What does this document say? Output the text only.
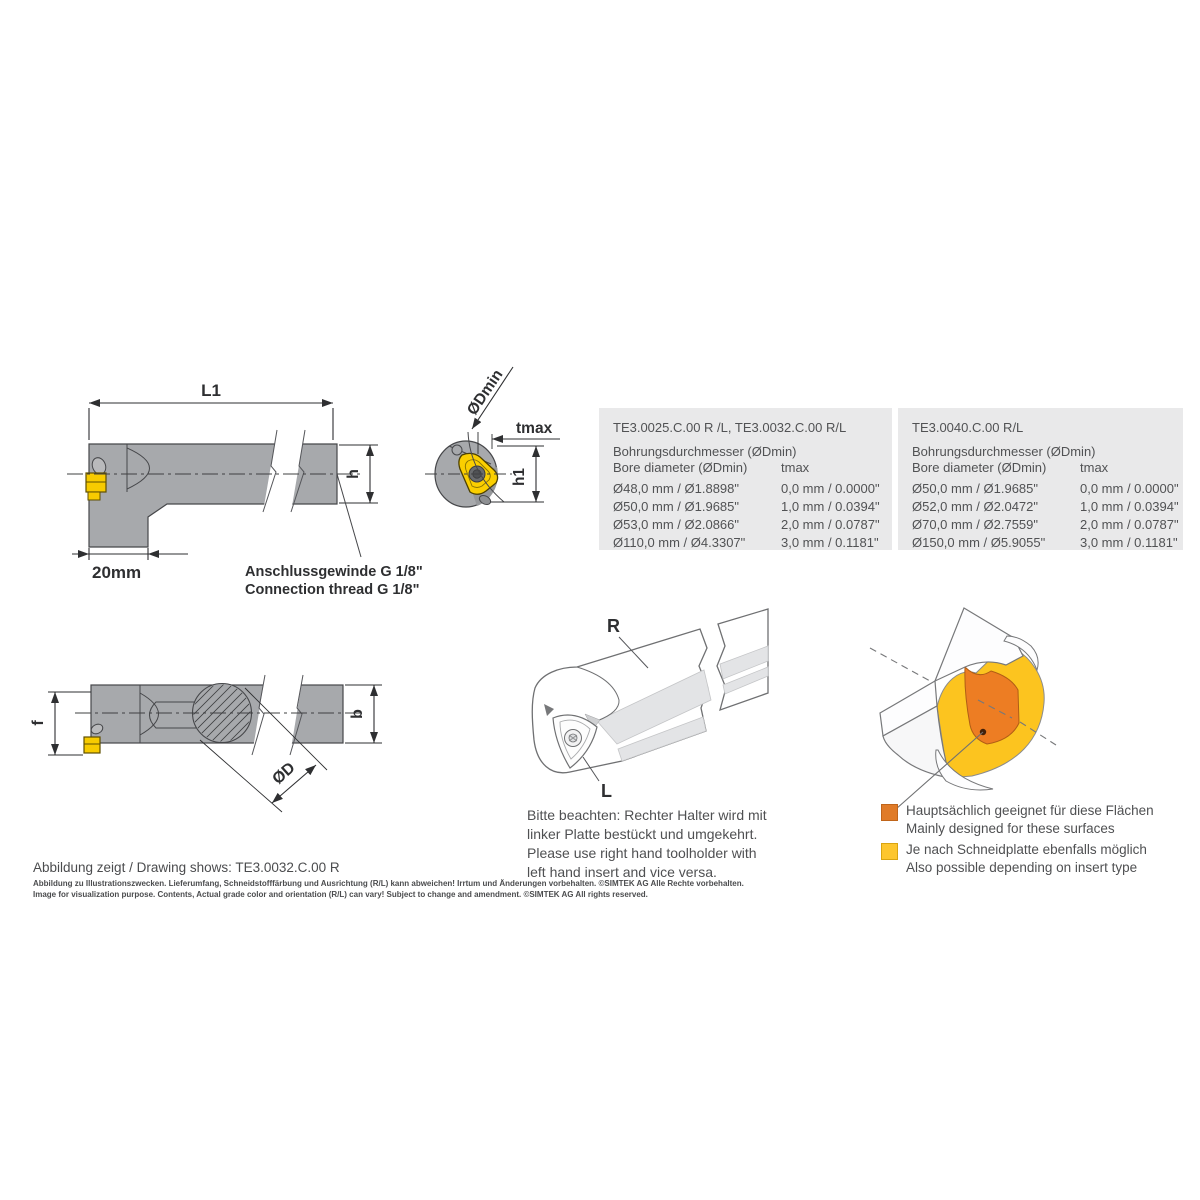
L1
h
20mm	Anschlussgewinde G 1/8"
Connection thread G 1/8"
ØDmin
tmax
h1
TE3.0025.C.00 R /L, TE3.0032.C.00 R/L
Bohrungsdurchmesser (ØDmin)
Bore diameter (ØDmin)	tmax
Ø48,0 mm / Ø1.8898"	0,0 mm / 0.0000"
Ø50,0 mm / Ø1.9685"	1,0 mm / 0.0394"
Ø53,0 mm / Ø2.0866"	2,0 mm / 0.0787"
Ø110,0 mm / Ø4.3307"	3,0 mm / 0.1181"
TE3.0040.C.00 R/L
Bohrungsdurchmesser (ØDmin)
Bore diameter (ØDmin)	tmax
Ø50,0 mm / Ø1.9685"	0,0 mm / 0.0000"
Ø52,0 mm / Ø2.0472"	1,0 mm / 0.0394"
Ø70,0 mm / Ø2.7559"	2,0 mm / 0.0787"
Ø150,0 mm / Ø5.9055"	3,0 mm / 0.1181"
f
b
ØD
R
L
Bitte beachten: Rechter Halter wird mit
linker Platte bestückt und umgekehrt.
Please use right hand toolholder with
left hand insert and vice versa.
Hauptsächlich geeignet für diese Flächen
Mainly designed for these surfaces
Je nach Schneidplatte ebenfalls möglich
Also possible depending on insert type
Abbildung zeigt / Drawing shows: TE3.0032.C.00 R
Abbildung zu Illustrationszwecken. Lieferumfang, Schneidstofffärbung und Ausrichtung (R/L) kann abweichen! Irrtum und Änderungen vorbehalten. ©SIMTEK AG Alle Rechte vorbehalten.
Image for visualization purpose. Contents, Actual grade color and orientation (R/L) can vary! Subject to change and amendment. ©SIMTEK AG All rights reserved.
